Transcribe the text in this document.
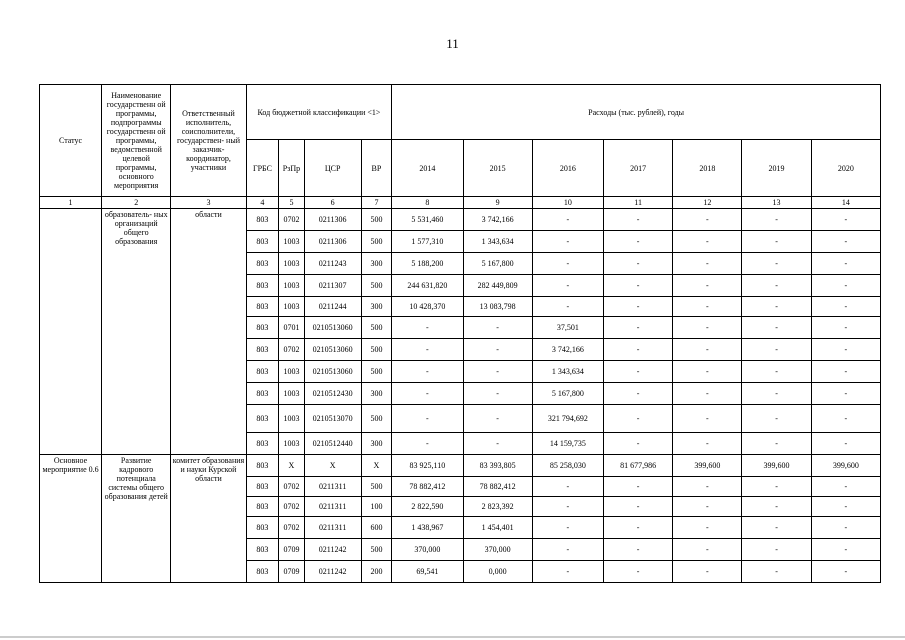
11
Статус	Наименование государственн ой программы, подпрограммы государственн ой программы, ведомственной целевой программы, основного мероприятия	Ответственный исполнитель, соисполнители, государствен- ный заказчик- координатор, участники	Код бюджетной классификации <1>				Расходы (тыс. рублей), годы						
			ГРБС	РзПр	ЦСР	ВР	2014	2015	2016	2017	2018	2019	2020
1	2	3	4	5	6	7	8	9	10	11	12	13	14
	образователь- ных организаций общего образования	области	803	0702	0211306	500	5 531,460	3 742,166	-	-	-	-	-
			803	1003	0211306	500	1 577,310	1 343,634	-	-	-	-	-
			803	1003	0211243	300	5 188,200	5 167,800	-	-	-	-	-
			803	1003	0211307	500	244 631,820	282 449,809	-	-	-	-	-
			803	1003	0211244	300	10 428,370	13 083,798	-	-	-	-	-
			803	0701	0210513060	500	-	-	37,501	-	-	-	-
			803	0702	0210513060	500	-	-	3 742,166	-	-	-	-
			803	1003	0210513060	500	-	-	1 343,634	-	-	-	-
			803	1003	0210512430	300	-	-	5 167,800	-	-	-	-
			803	1003	0210513070	500	-	-	321 794,692	-	-	-	-
			803	1003	0210512440	300	-	-	14 159,735	-	-	-	-
Основное мероприятие 0.6	Развитие кадрового потенциала системы общего образования детей	комитет образования и науки Курской области	803	Х	Х	Х	83 925,110	83 393,805	85 258,030	81 677,986	399,600	399,600	399,600
			803	0702	0211311	500	78 882,412	78 882,412	-	-	-	-	-
			803	0702	0211311	100	2 822,590	2 823,392	-	-	-	-	-
			803	0702	0211311	600	1 438,967	1 454,401	-	-	-	-	-
			803	0709	0211242	500	370,000	370,000	-	-	-	-	-
			803	0709	0211242	200	69,541	0,000	-	-	-	-	-
